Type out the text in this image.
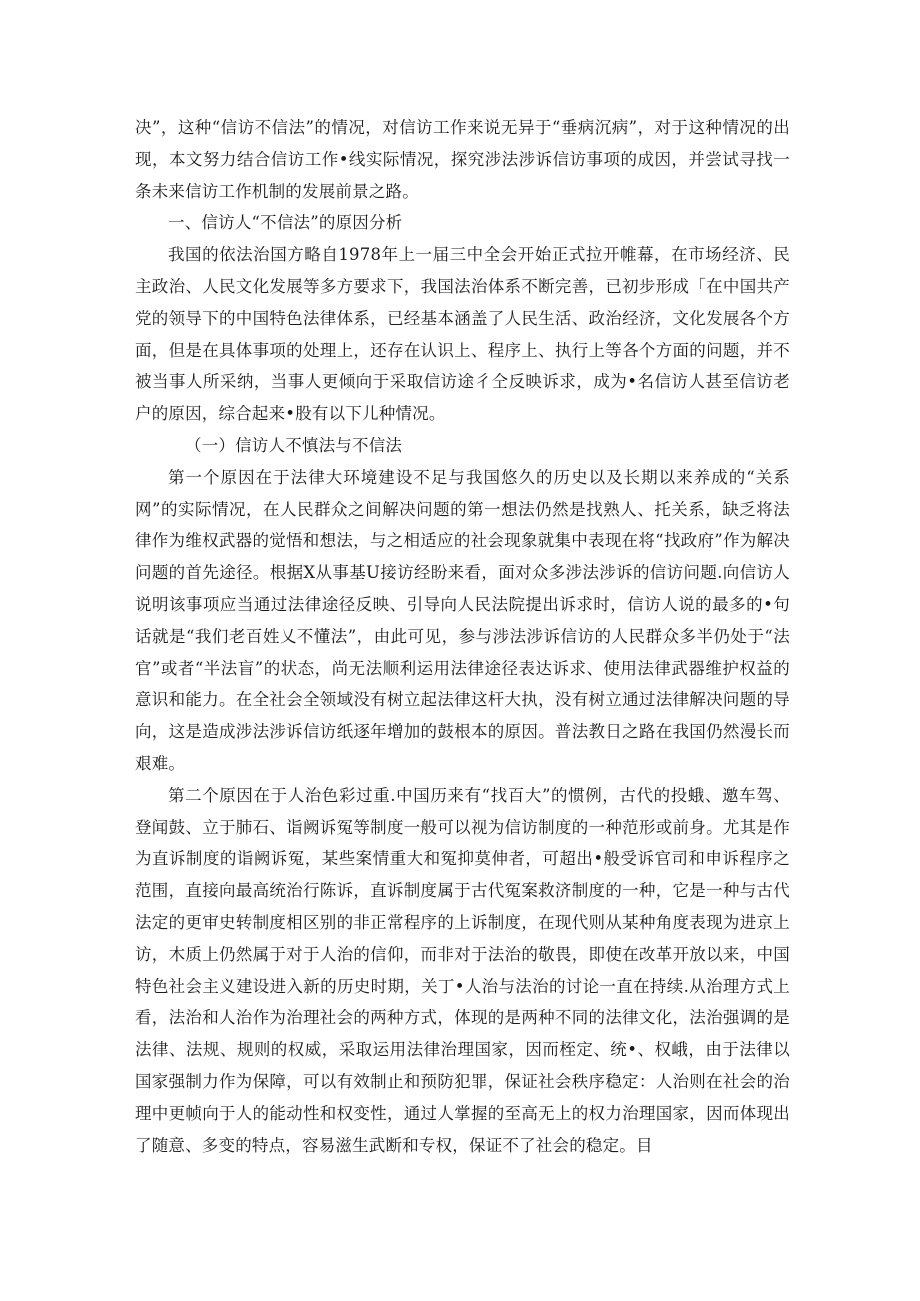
决”，这种“信访不信法”的情况，对信访工作来说无异于“垂病沉病”，对于这种情况的出现，本文努力结合信访工作•线实际情况，探究涉法涉诉信访事项的成因，并尝试寻找一条未来信访工作机制的发展前景之路。

一、信访人“不信法”的原因分析

我国的依法治国方略自1978年上一届三中全会开始正式拉开帷幕，在市场经济、民主政治、人民文化发展等多方要求下，我国法治体系不断完善，已初步形成「在中国共产党的领导下的中国特色法律体系，已经基本涵盖了人民生活、政治经济，文化发展各个方面，但是在具体事项的处理上，还存在认识上、程序上、执行上等各个方面的问题，并不被当事人所采纳，当事人更倾向于采取信访途彳仝反映诉求，成为•名信访人甚至信访老户的原因，综合起来•股有以下儿种情况。

（一）信访人不慎法与不信法

第一个原因在于法律大环境建设不足与我国悠久的历史以及长期以来养成的“关系网”的实际情况，在人民群众之间解决问题的第一想法仍然是找熟人、托关系，缺乏将法律作为维权武器的觉悟和想法，与之相适应的社会现象就集中表现在将“找政府”作为解决问题的首先途径。根据X从事基U接访经盼来看，面对众多涉法涉诉的信访问题.向信访人说明该事项应当通过法律途径反映、引导向人民法院提出诉求时，信访人说的最多的•句话就是“我们老百姓乂不懂法”，由此可见，参与涉法涉诉信访的人民群众多半仍处于“法官”或者“半法盲”的状态，尚无法顺利运用法律途径表达诉求、使用法律武器维护权益的意识和能力。在全社会全领域没有树立起法律这杆大执，没有树立通过法律解决问题的导向，这是造成涉法涉诉信访纸逐年增加的鼓根本的原因。普法教日之路在我国仍然漫长而艰难。

第二个原因在于人治色彩过重.中国历来有“找百大”的惯例，古代的投蛾、邀车驾、登闻鼓、立于肺石、诣阙诉冤等制度一般可以视为信访制度的一种范形或前身。尤其是作为直诉制度的诣阙诉冤，某些案情重大和冤抑莫伸者，可超出•般受诉官司和申诉程序之范围，直接向最高统治行陈诉，直诉制度属于古代冤案救济制度的一种，它是一种与古代法定的更审史转制度相区别的非正常程序的上诉制度，在现代则从某种角度表现为进京上访，木质上仍然属于对于人治的信仰，而非对于法治的敬畏，即使在改革开放以来，中国特色社会主义建设进入新的历史时期，关丁•人治与法治的讨论一直在持续.从治理方式上看，法治和人治作为治理社会的两种方式，体现的是两种不同的法律文化，法治强调的是法律、法规、规则的权威，采取运用法律治理国家，因而桎定、统•、权峨，由于法律以国家强制力作为保障，可以有效制止和预防犯罪，保证社会秩序稳定：人治则在社会的治理中更帧向于人的能动性和权变性，通过人掌握的至高无上的权力治理国家，因而体现出了随意、多变的特点，容易滋生武断和专权，保证不了社会的稳定。目
